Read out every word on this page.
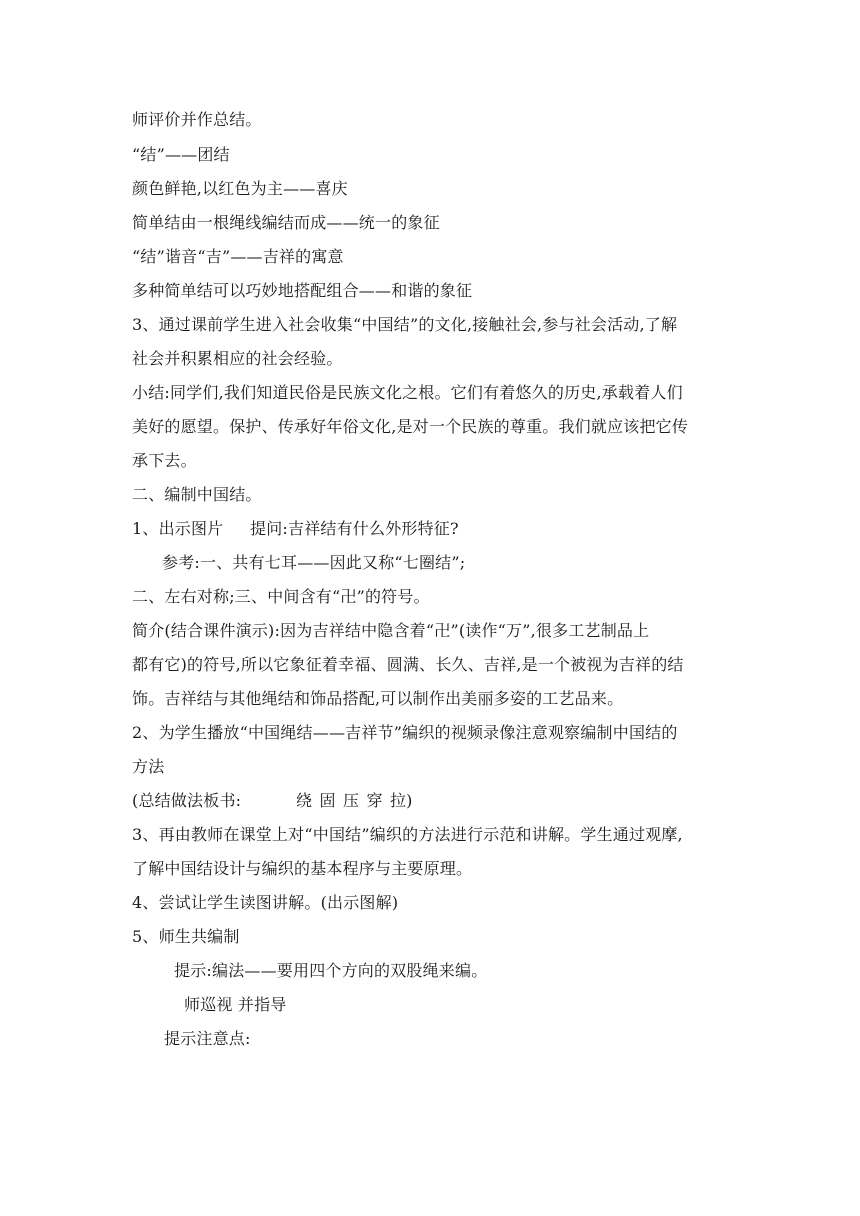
师评价并作总结。
“结”——团结
颜色鲜艳,以红色为主——喜庆
简单结由一根绳线编结而成——统一的象征
“结”谐音“吉”——吉祥的寓意
多种简单结可以巧妙地搭配组合——和谐的象征
3、通过课前学生进入社会收集“中国结”的文化,接触社会,参与社会活动,了解
社会并积累相应的社会经验。
小结:同学们,我们知道民俗是民族文化之根。它们有着悠久的历史,承载着人们
美好的愿望。保护、传承好年俗文化,是对一个民族的尊重。我们就应该把它传
承下去。
二、编制中国结。
1、出示图片 提问:吉祥结有什么外形特征?
参考:一、共有七耳——因此又称“七圈结”;
二、左右对称;三、中间含有“卍”的符号。
简介(结合课件演示):因为吉祥结中隐含着“卍”(读作“万”,很多工艺制品上
都有它)的符号,所以它象征着幸福、圆满、长久、吉祥,是一个被视为吉祥的结
饰。吉祥结与其他绳结和饰品搭配,可以制作出美丽多姿的工艺品来。
2、为学生播放“中国绳结——吉祥节”编织的视频录像注意观察编制中国结的
方法
(总结做法板书:	绕 固 压 穿 拉)
3、再由教师在课堂上对“中国结”编织的方法进行示范和讲解。学生通过观摩,
了解中国结设计与编织的基本程序与主要原理。
4、尝试让学生读图讲解。(出示图解)
5、师生共编制
提示:编法——要用四个方向的双股绳来编。
师巡视 并指导
提示注意点:
